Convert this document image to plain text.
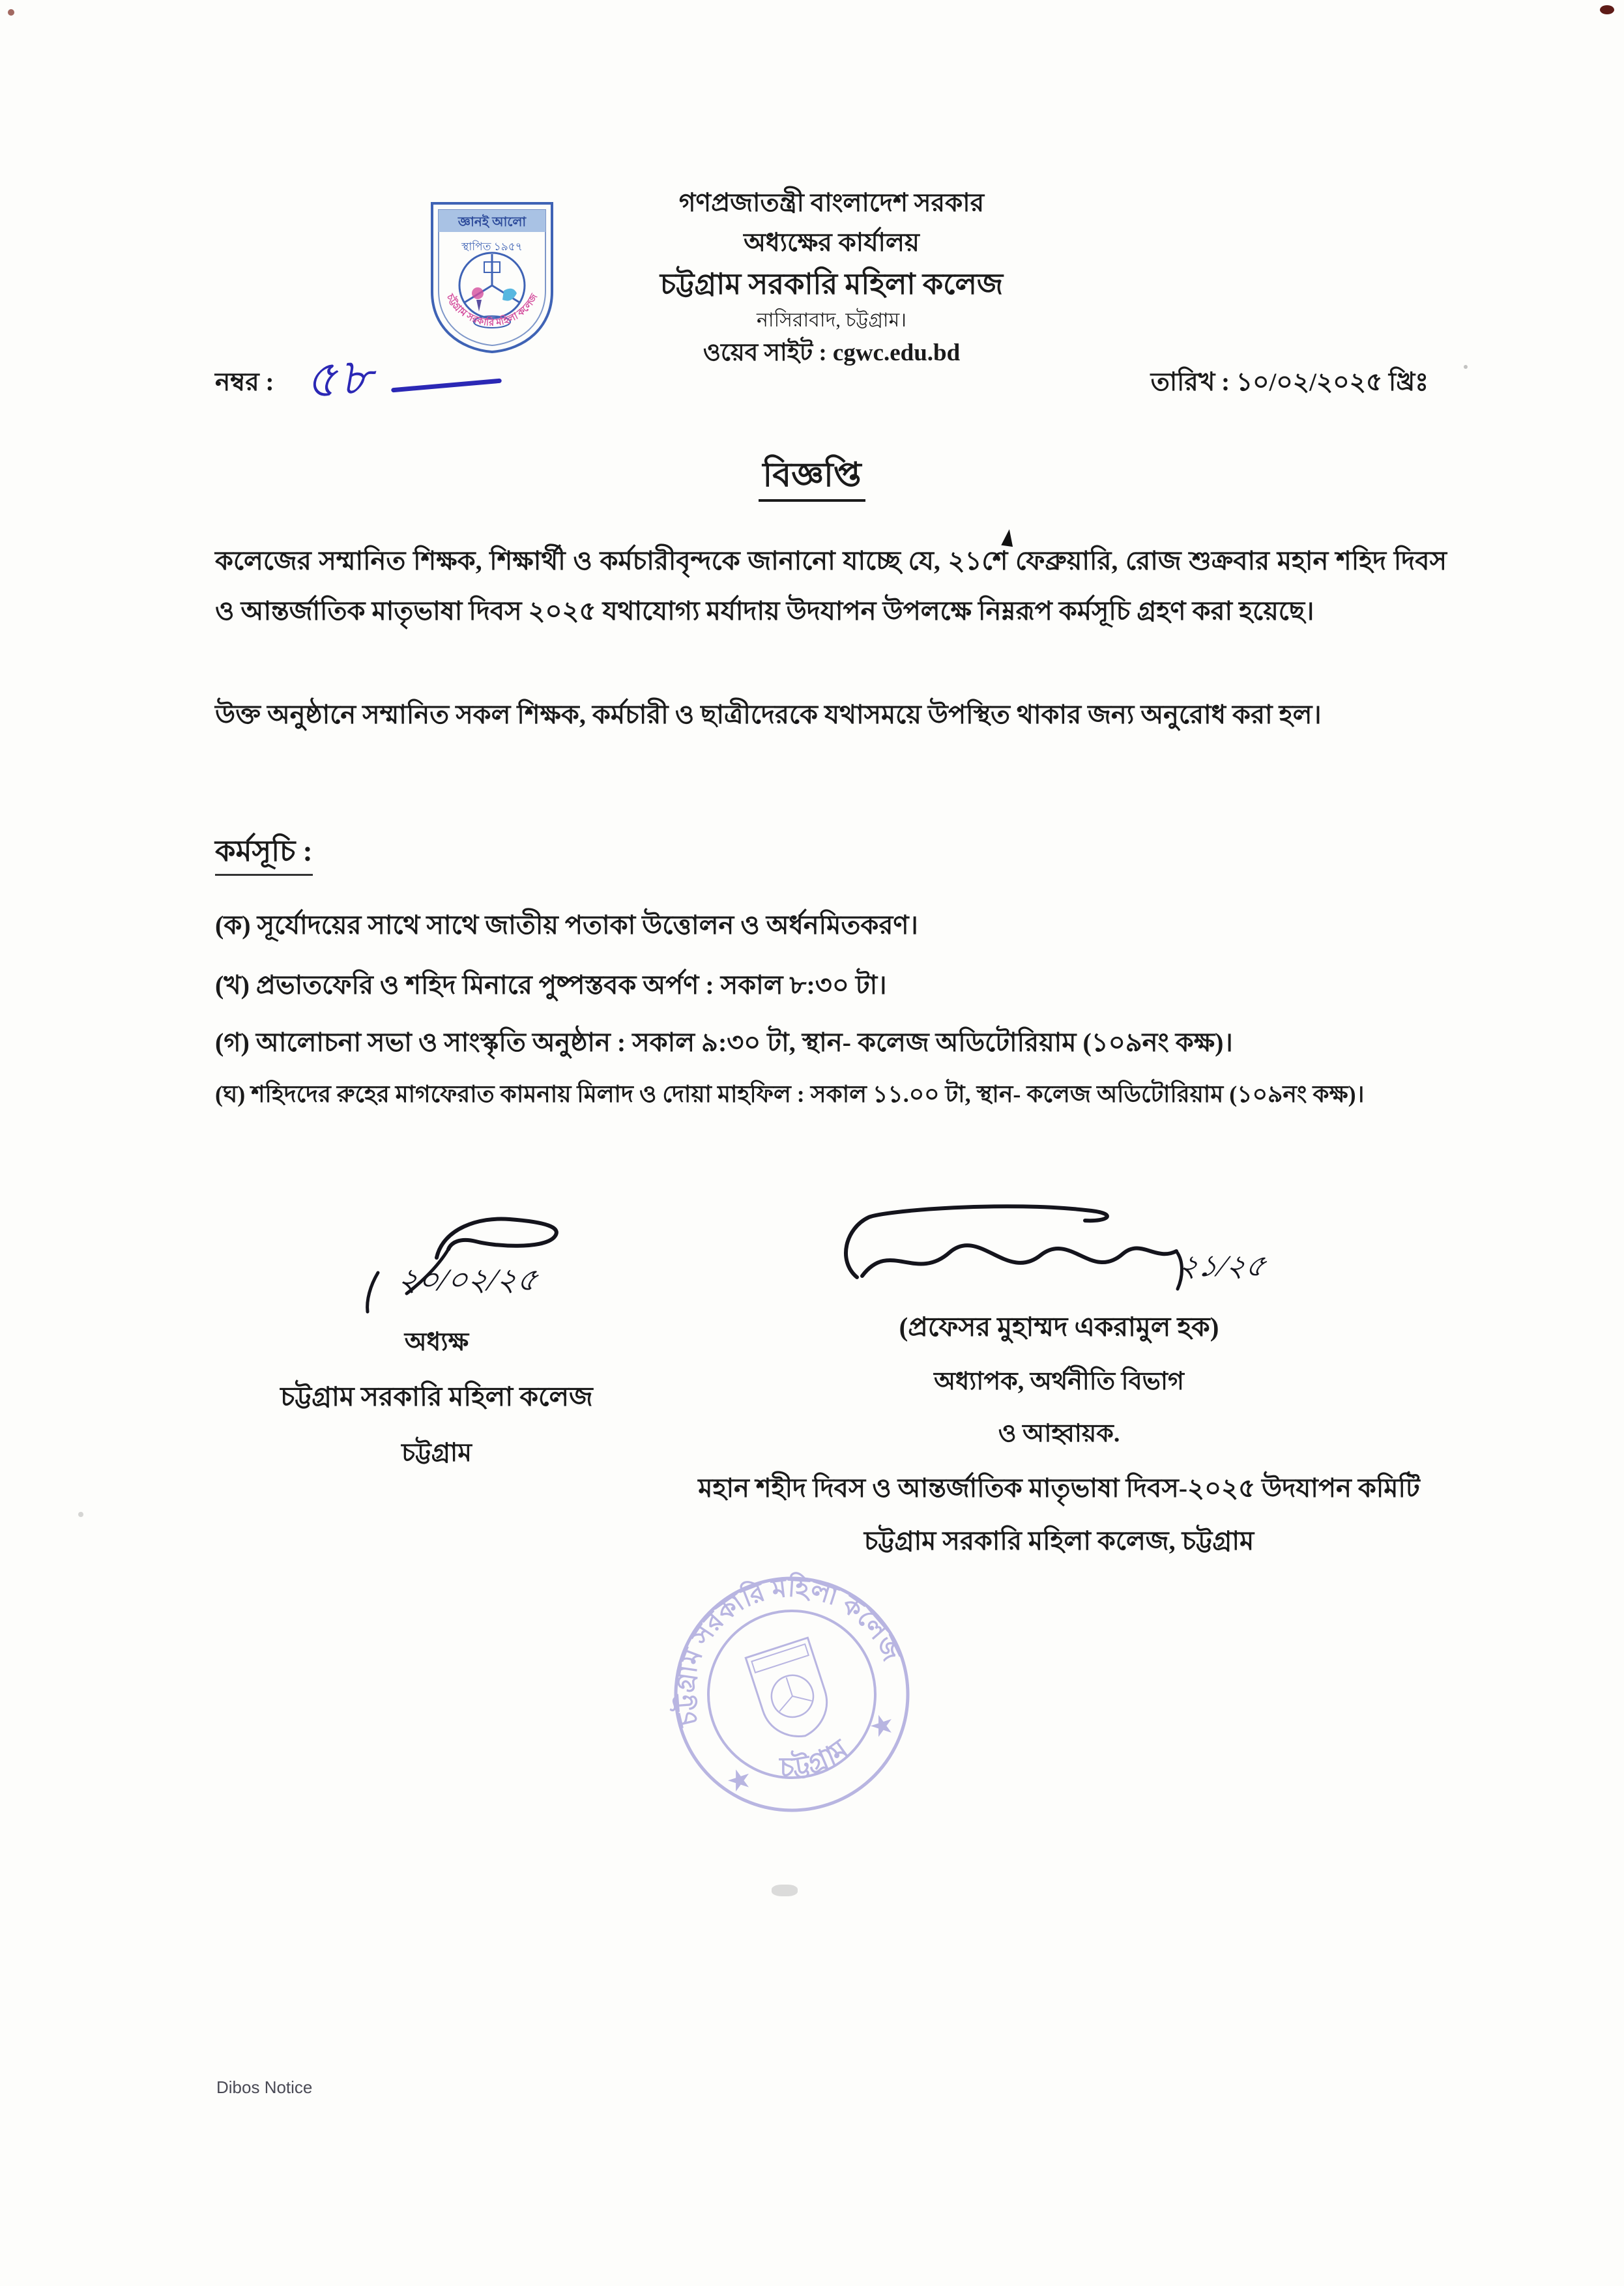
জ্ঞানই আলো
স্থাপিত ১৯৫৭
চট্টগ্রাম সরকারি মহিলা কলেজ
গণপ্রজাতন্ত্রী বাংলাদেশ সরকার
অধ্যক্ষের কার্যালয়
চট্টগ্রাম সরকারি মহিলা কলেজ
নাসিরাবাদ, চট্টগ্রাম।
ওয়েব সাইট : cgwc.edu.bd
নম্বর : ৫৮	তারিখ : ১০/০২/২০২৫ খ্রিঃ
বিজ্ঞপ্তি
কলেজের সম্মানিত শিক্ষক, শিক্ষার্থী ও কর্মচারীবৃন্দকে জানানো যাচ্ছে যে, ২১শে ফেব্রুয়ারি, রোজ শুক্রবার মহান শহিদ দিবস ও আন্তর্জাতিক মাতৃভাষা দিবস ২০২৫ যথাযোগ্য মর্যাদায় উদযাপন উপলক্ষে নিম্নরূপ কর্মসূচি গ্রহণ করা হয়েছে।
উক্ত অনুষ্ঠানে সম্মানিত সকল শিক্ষক, কর্মচারী ও ছাত্রীদেরকে যথাসময়ে উপস্থিত থাকার জন্য অনুরোধ করা হল।
কর্মসূচি :
(ক) সূর্যোদয়ের সাথে সাথে জাতীয় পতাকা উত্তোলন ও অর্ধনমিতকরণ।
(খ) প্রভাতফেরি ও শহিদ মিনারে পুষ্পস্তবক অর্পণ : সকাল ৮:৩০ টা।
(গ) আলোচনা সভা ও সাংস্কৃতি অনুষ্ঠান : সকাল ৯:৩০ টা, স্থান- কলেজ অডিটোরিয়াম (১০৯নং কক্ষ)।
(ঘ) শহিদদের রুহের মাগফেরাত কামনায় মিলাদ ও দোয়া মাহফিল : সকাল ১১.০০ টা, স্থান- কলেজ অডিটোরিয়াম (১০৯নং কক্ষ)।
২০/০২/২৫
অধ্যক্ষ
চট্টগ্রাম সরকারি মহিলা কলেজ
চট্টগ্রাম
২১/২৫
(প্রফেসর মুহাম্মদ একরামুল হক)
অধ্যাপক, অর্থনীতি বিভাগ
ও আহ্বায়ক.
মহান শহীদ দিবস ও আন্তর্জাতিক মাতৃভাষা দিবস-২০২৫ উদযাপন কমিটি
চট্টগ্রাম সরকারি মহিলা কলেজ, চট্টগ্রাম
চট্টগ্রাম সরকারি মহিলা কলেজ
চট্টগ্রাম
★
★
Dibos Notice
